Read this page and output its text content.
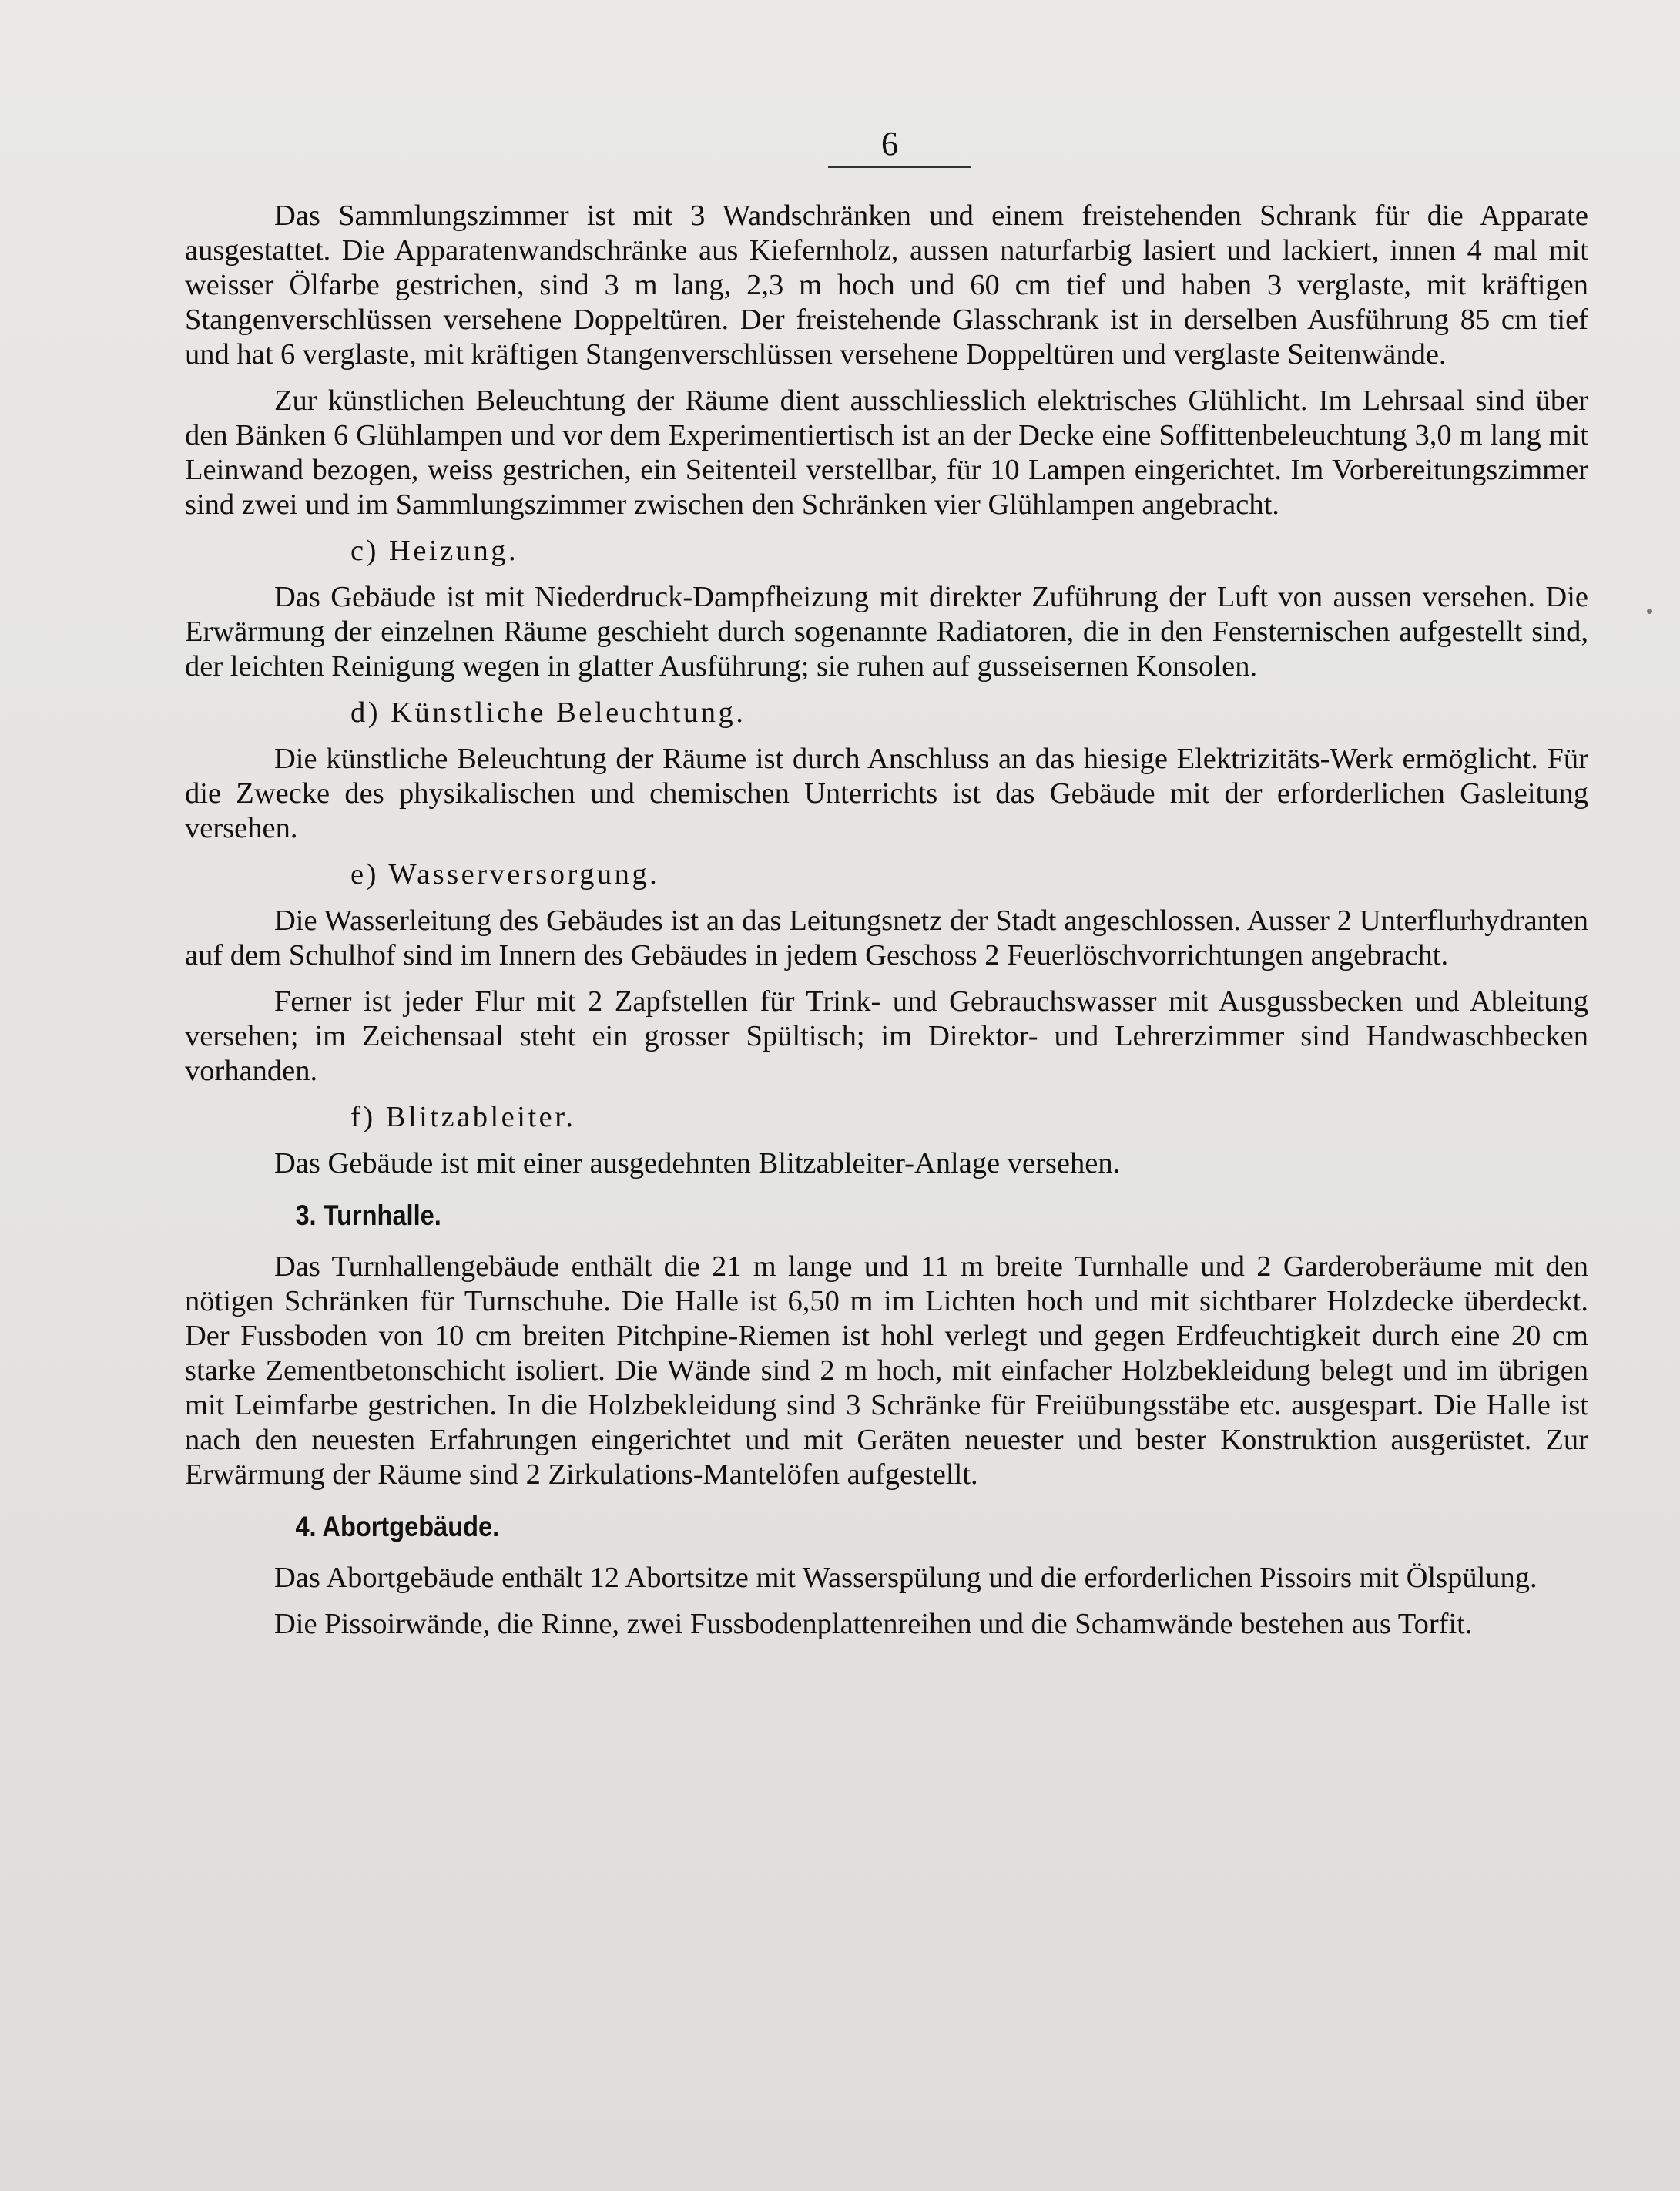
6

Das Sammlungszimmer ist mit 3 Wandschränken und einem freistehenden Schrank für die Apparate ausgestattet. Die Apparatenwandschränke aus Kiefernholz, aussen naturfarbig lasiert und lackiert, innen 4 mal mit weisser Ölfarbe gestrichen, sind 3 m lang, 2,3 m hoch und 60 cm tief und haben 3 verglaste, mit kräftigen Stangenverschlüssen versehene Doppeltüren. Der freistehende Glasschrank ist in derselben Ausführung 85 cm tief und hat 6 verglaste, mit kräftigen Stangenverschlüssen versehene Doppeltüren und verglaste Seitenwände.

Zur künstlichen Beleuchtung der Räume dient ausschliesslich elektrisches Glühlicht. Im Lehrsaal sind über den Bänken 6 Glühlampen und vor dem Experimentiertisch ist an der Decke eine Soffittenbeleuchtung 3,0 m lang mit Leinwand bezogen, weiss gestrichen, ein Seitenteil verstellbar, für 10 Lampen eingerichtet. Im Vorbereitungszimmer sind zwei und im Sammlungszimmer zwischen den Schränken vier Glühlampen angebracht.

c) Heizung.

Das Gebäude ist mit Niederdruck-Dampfheizung mit direkter Zuführung der Luft von aussen versehen. Die Erwärmung der einzelnen Räume geschieht durch sogenannte Radiatoren, die in den Fensternischen aufgestellt sind, der leichten Reinigung wegen in glatter Ausführung; sie ruhen auf gusseisernen Konsolen.

d) Künstliche Beleuchtung.

Die künstliche Beleuchtung der Räume ist durch Anschluss an das hiesige Elektrizitäts-Werk ermöglicht. Für die Zwecke des physikalischen und chemischen Unterrichts ist das Gebäude mit der erforderlichen Gasleitung versehen.

e) Wasserversorgung.

Die Wasserleitung des Gebäudes ist an das Leitungsnetz der Stadt angeschlossen. Ausser 2 Unterflurhydranten auf dem Schulhof sind im Innern des Gebäudes in jedem Geschoss 2 Feuerlöschvorrichtungen angebracht.

Ferner ist jeder Flur mit 2 Zapfstellen für Trink- und Gebrauchswasser mit Ausgussbecken und Ableitung versehen; im Zeichensaal steht ein grosser Spültisch; im Direktor- und Lehrerzimmer sind Handwaschbecken vorhanden.

f) Blitzableiter.

Das Gebäude ist mit einer ausgedehnten Blitzableiter-Anlage versehen.

3. Turnhalle.

Das Turnhallengebäude enthält die 21 m lange und 11 m breite Turnhalle und 2 Garderoberäume mit den nötigen Schränken für Turnschuhe. Die Halle ist 6,50 m im Lichten hoch und mit sichtbarer Holzdecke überdeckt. Der Fussboden von 10 cm breiten Pitchpine-Riemen ist hohl verlegt und gegen Erdfeuchtigkeit durch eine 20 cm starke Zementbetonschicht isoliert. Die Wände sind 2 m hoch, mit einfacher Holzbekleidung belegt und im übrigen mit Leimfarbe gestrichen. In die Holzbekleidung sind 3 Schränke für Freiübungsstäbe etc. ausgespart. Die Halle ist nach den neuesten Erfahrungen eingerichtet und mit Geräten neuester und bester Konstruktion ausgerüstet. Zur Erwärmung der Räume sind 2 Zirkulations-Mantelöfen aufgestellt.

4. Abortgebäude.

Das Abortgebäude enthält 12 Abortsitze mit Wasserspülung und die erforderlichen Pissoirs mit Ölspülung.

Die Pissoirwände, die Rinne, zwei Fussbodenplattenreihen und die Schamwände bestehen aus Torfit.
